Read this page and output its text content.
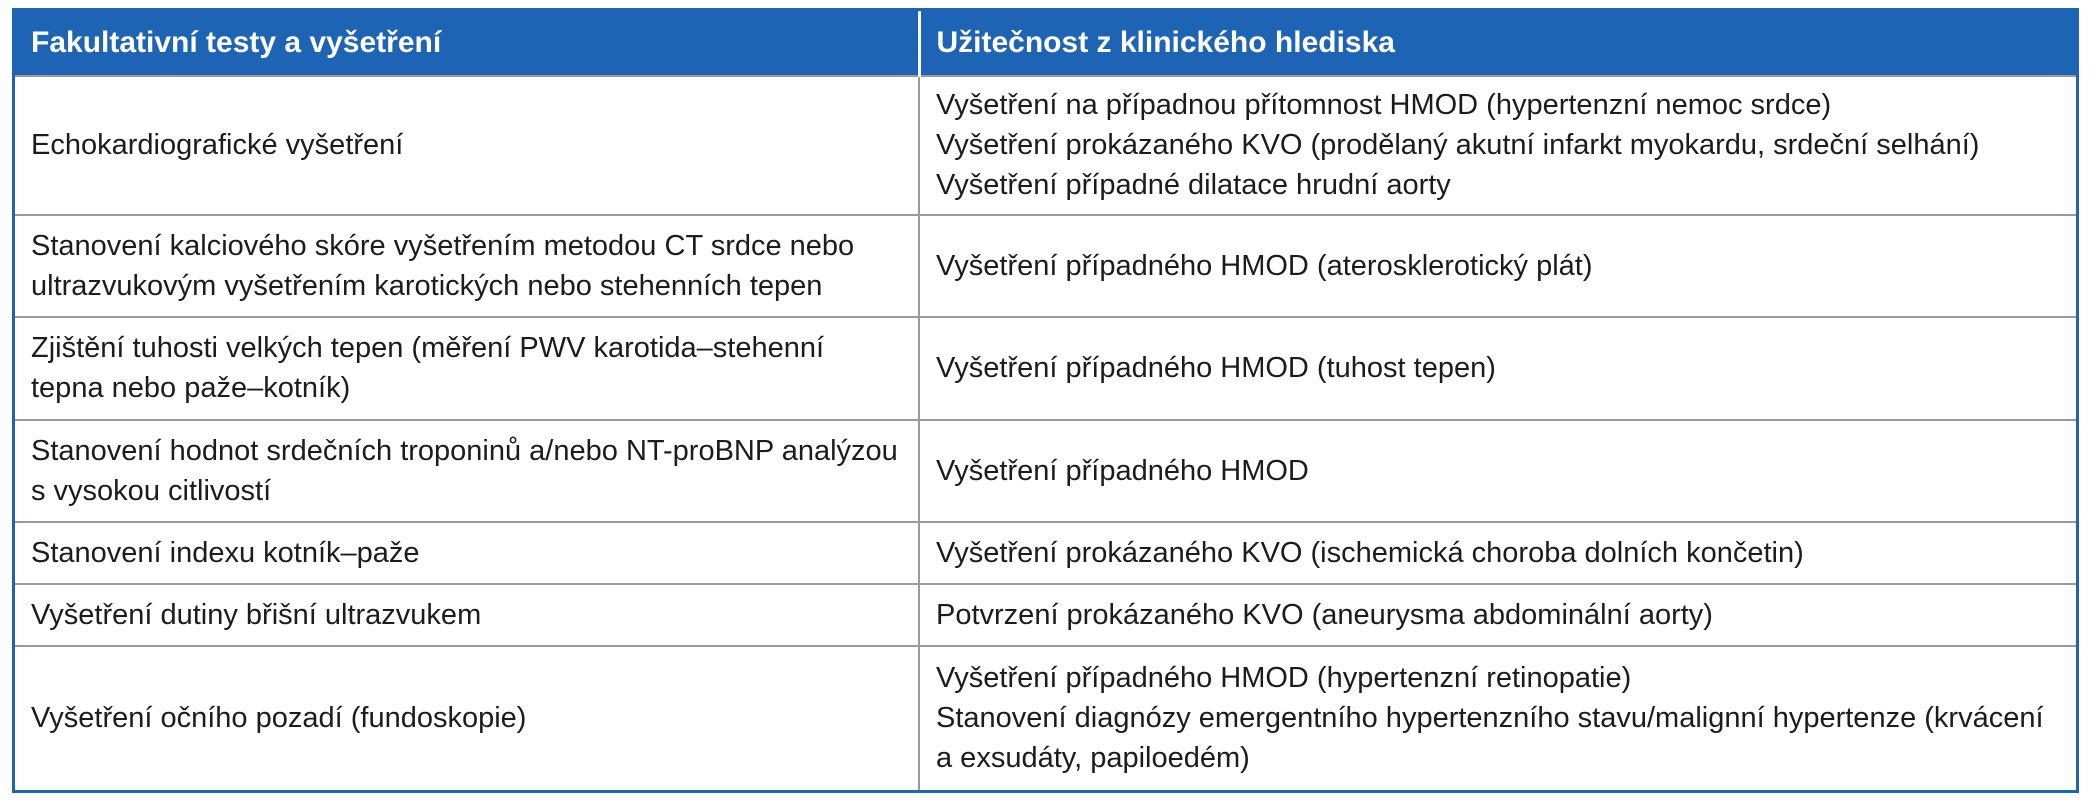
Fakultativní testy a vyšetření	Užitečnost z klinického hlediska
Echokardiografické vyšetření	Vyšetření na případnou přítomnost HMOD (hypertenzní nemoc srdce)
Vyšetření prokázaného KVO (prodělaný akutní infarkt myokardu, srdeční selhání)
Vyšetření případné dilatace hrudní aorty

Stanovení kalciového skóre vyšetřením metodou CT srdce nebo ultrazvukovým vyšetřením karotických nebo stehenních tepen	Vyšetření případného HMOD (aterosklerotický plát)

Zjištění tuhosti velkých tepen (měření PWV karotida–stehenní tepna nebo paže–kotník)	Vyšetření případného HMOD (tuhost tepen)

Stanovení hodnot srdečních troponinů a/nebo NT-proBNP analýzou s vysokou citlivostí	Vyšetření případného HMOD

Stanovení indexu kotník–paže	Vyšetření prokázaného KVO (ischemická choroba dolních končetin)

Vyšetření dutiny břišní ultrazvukem	Potvrzení prokázaného KVO (aneurysma abdominální aorty)

Vyšetření očního pozadí (fundoskopie)	Vyšetření případného HMOD (hypertenzní retinopatie)
Stanovení diagnózy emergentního hypertenzního stavu/malignní hypertenze (krvácení a exsudáty, papiloedém)
